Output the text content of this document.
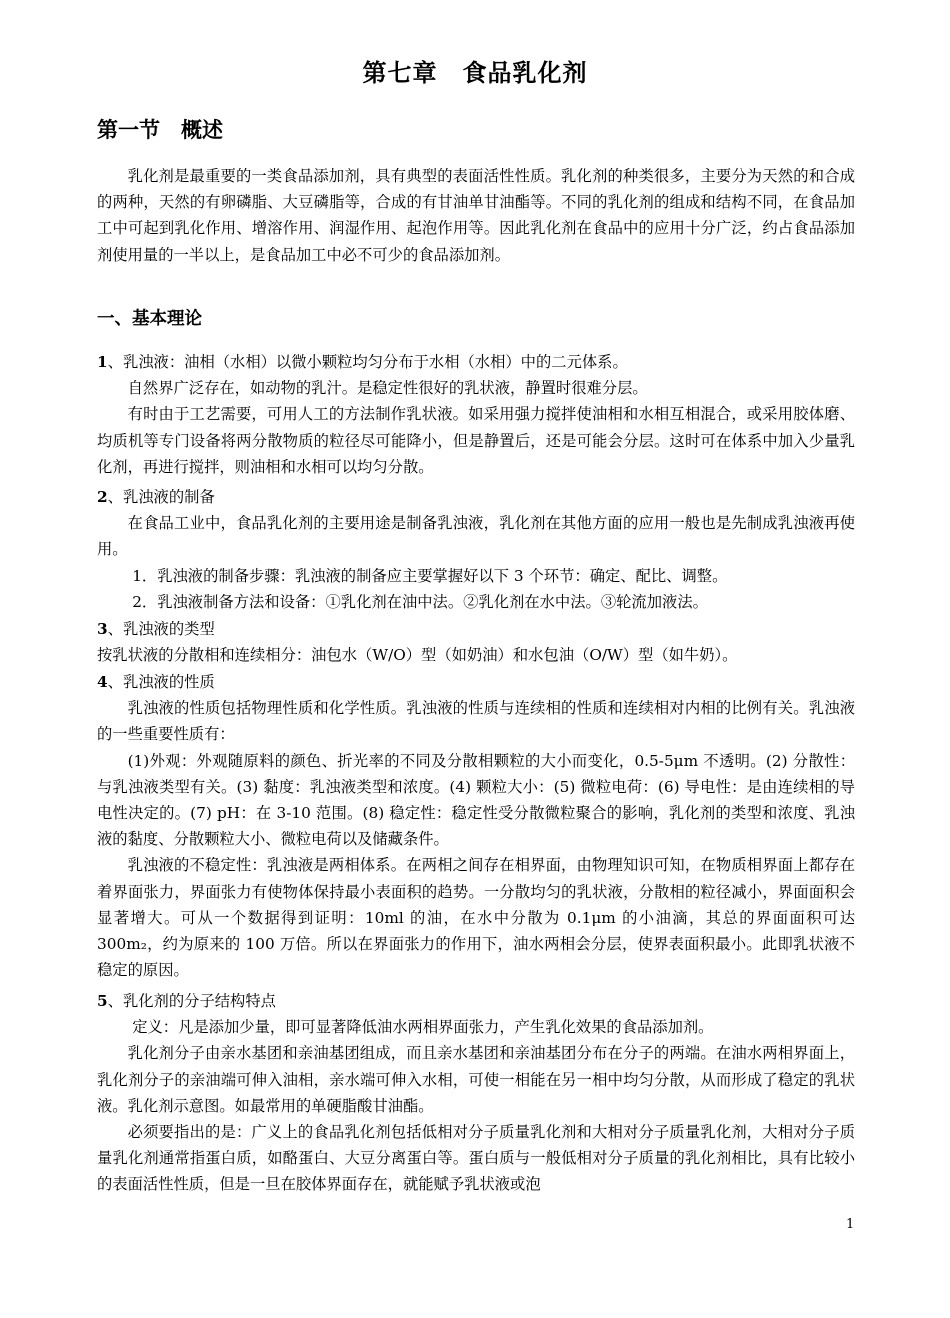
第七章　食品乳化剂
第一节　概述

乳化剂是最重要的一类食品添加剂，具有典型的表面活性性质。乳化剂的种类很多，主要分为天然的和合成的两种，天然的有卵磷脂、大豆磷脂等，合成的有甘油单甘油酯等。不同的乳化剂的组成和结构不同，在食品加工中可起到乳化作用、增溶作用、润湿作用、起泡作用等。因此乳化剂在食品中的应用十分广泛，约占食品添加剂使用量的一半以上，是食品加工中必不可少的食品添加剂。

一、基本理论

1、乳浊液：油相（水相）以微小颗粒均匀分布于水相（水相）中的二元体系。

自然界广泛存在，如动物的乳汁。是稳定性很好的乳状液，静置时很难分层。

有时由于工艺需要，可用人工的方法制作乳状液。如采用强力搅拌使油相和水相互相混合，或采用胶体磨、均质机等专门设备将两分散物质的粒径尽可能降小，但是静置后，还是可能会分层。这时可在体系中加入少量乳化剂，再进行搅拌，则油相和水相可以均匀分散。

2、乳浊液的制备

在食品工业中，食品乳化剂的主要用途是制备乳浊液，乳化剂在其他方面的应用一般也是先制成乳浊液再使用。

1．乳浊液的制备步骤：乳浊液的制备应主要掌握好以下 3 个环节：确定、配比、调整。

2．乳浊液制备方法和设备：①乳化剂在油中法。②乳化剂在水中法。③轮流加液法。

3、乳浊液的类型

按乳状液的分散相和连续相分：油包水（W/O）型（如奶油）和水包油（O/W）型（如牛奶）。

4、乳浊液的性质

乳浊液的性质包括物理性质和化学性质。乳浊液的性质与连续相的性质和连续相对内相的比例有关。乳浊液的一些重要性质有：

(1)外观：外观随原料的颜色、折光率的不同及分散相颗粒的大小而变化，0.5-5μm 不透明。(2) 分散性：与乳浊液类型有关。(3) 黏度：乳浊液类型和浓度。(4) 颗粒大小：(5) 微粒电荷：(6) 导电性：是由连续相的导电性决定的。(7) pH：在 3-10 范围。(8) 稳定性：稳定性受分散微粒聚合的影响，乳化剂的类型和浓度、乳浊液的黏度、分散颗粒大小、微粒电荷以及储藏条件。

乳浊液的不稳定性：乳浊液是两相体系。在两相之间存在相界面，由物理知识可知，在物质相界面上都存在着界面张力，界面张力有使物体保持最小表面积的趋势。一分散均匀的乳状液，分散相的粒径减小，界面面积会显著增大。可从一个数据得到证明：10ml 的油，在水中分散为 0.1μm 的小油滴，其总的界面面积可达 300m₂，约为原来的 100 万倍。所以在界面张力的作用下，油水两相会分层，使界表面积最小。此即乳状液不稳定的原因。

5、乳化剂的分子结构特点

定义：凡是添加少量，即可显著降低油水两相界面张力，产生乳化效果的食品添加剂。

乳化剂分子由亲水基团和亲油基团组成，而且亲水基团和亲油基团分布在分子的两端。在油水两相界面上，乳化剂分子的亲油端可伸入油相，亲水端可伸入水相，可使一相能在另一相中均匀分散，从而形成了稳定的乳状液。乳化剂示意图。如最常用的单硬脂酸甘油酯。

必须要指出的是：广义上的食品乳化剂包括低相对分子质量乳化剂和大相对分子质量乳化剂，大相对分子质量乳化剂通常指蛋白质，如酪蛋白、大豆分离蛋白等。蛋白质与一般低相对分子质量的乳化剂相比，具有比较小的表面活性性质，但是一旦在胶体界面存在，就能赋予乳状液或泡

1
